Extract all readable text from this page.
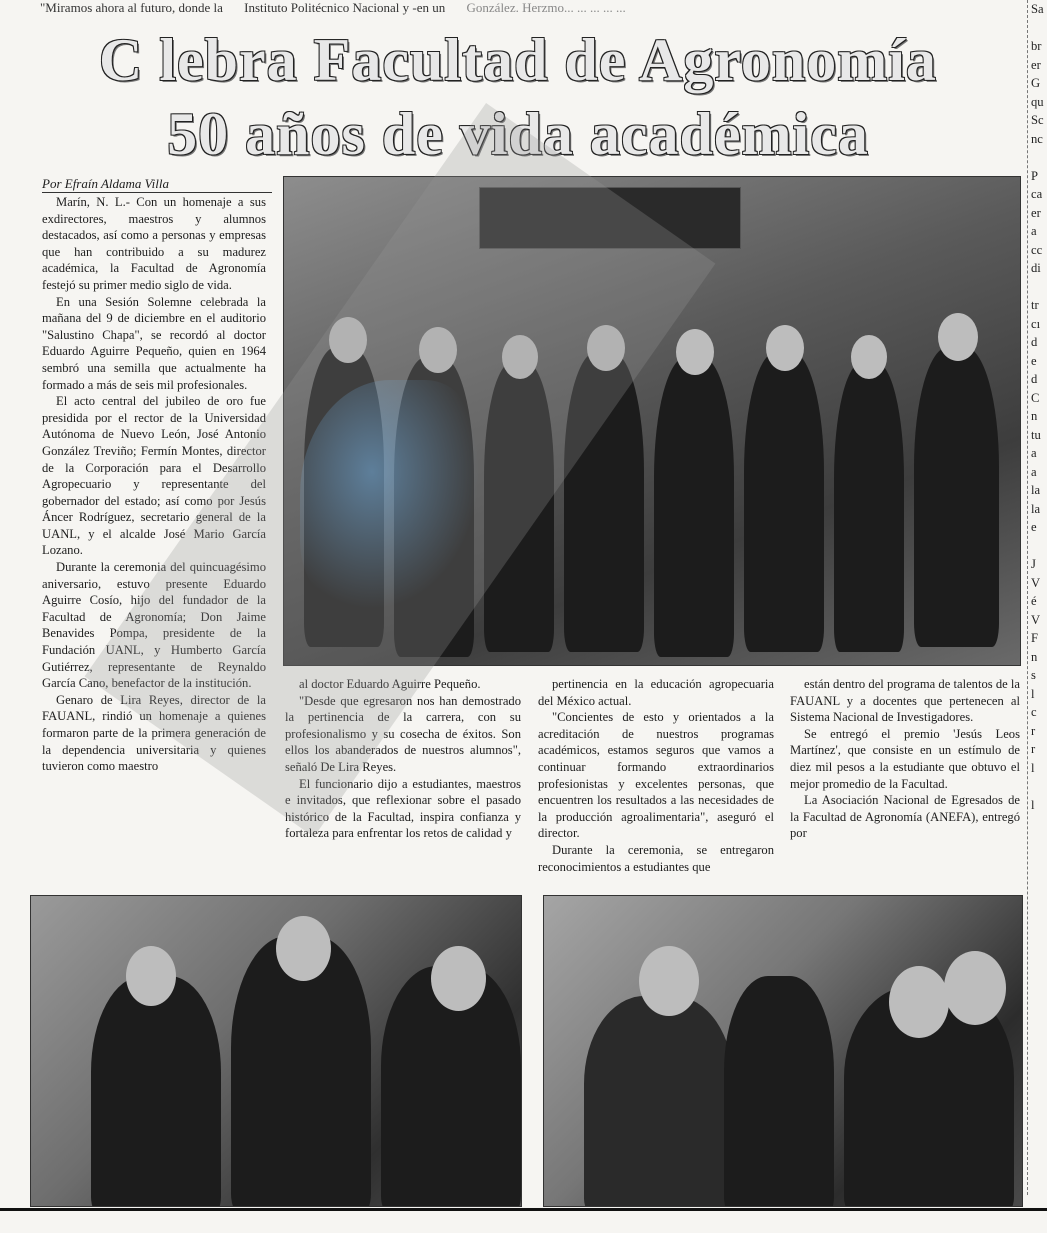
"Miramos ahora al futuro, donde la Instituto Politécnico Nacional y -en un González. Herzmo... ... ... ... ...
C lebra Facultad de Agronomía
50 años de vida académica
Por Efraín Aldama Villa

Marín, N. L.- Con un homenaje a sus exdirectores, maestros y alumnos destacados, así como a personas y empresas que han contribuido a su madurez académica, la Facultad de Agronomía festejó su primer medio siglo de vida.

En una Sesión Solemne celebrada la mañana del 9 de diciembre en el auditorio "Salustino Chapa", se recordó al doctor Eduardo Aguirre Pequeño, quien en 1964 sembró una semilla que actualmente ha formado a más de seis mil profesionales.

El acto central del jubileo de oro fue presidida por el rector de la Universidad Autónoma de Nuevo León, José Antonio González Treviño; Fermín Montes, director de la Corporación para el Desarrollo Agropecuario y representante del gobernador del estado; así como por Jesús Áncer Rodríguez, secretario general de la UANL, y el alcalde José Mario García Lozano.

Durante la ceremonia del quincuagésimo aniversario, estuvo presente Eduardo Aguirre Cosío, hijo del fundador de la Facultad de Agronomía; Don Jaime Benavides Pompa, presidente de la Fundación UANL, y Humberto García Gutiérrez, representante de Reynaldo García Cano, benefactor de la institución.

Genaro de Lira Reyes, director de la FAUANL, rindió un homenaje a quienes formaron parte de la primera generación de la dependencia universitaria y quienes tuvieron como maestro

al doctor Eduardo Aguirre Pequeño.

"Desde que egresaron nos han demostrado la pertinencia de la carrera, con su profesionalismo y su cosecha de éxitos. Son ellos los abanderados de nuestros alumnos", señaló De Lira Reyes.

El funcionario dijo a estudiantes, maestros e invitados, que reflexionar sobre el pasado histórico de la Facultad, inspira confianza y fortaleza para enfrentar los retos de calidad y

pertinencia en la educación agropecuaria del México actual.

"Concientes de esto y orientados a la acreditación de nuestros programas académicos, estamos seguros que vamos a continuar formando extraordinarios profesionistas y excelentes personas, que encuentren los resultados a las necesidades de la producción agroalimentaria", aseguró el director.

Durante la ceremonia, se entregaron reconocimientos a estudiantes que

están dentro del programa de talentos de la FAUANL y a docentes que pertenecen al Sistema Nacional de Investigadores.

Se entregó el premio 'Jesús Leos Martínez', que consiste en un estímulo de diez mil pesos a la estudiante que obtuvo el mejor promedio de la Facultad.

La Asociación Nacional de Egresados de la Facultad de Agronomía (ANEFA), entregó por

Sa
br
er
G
qu
Sc
nc
P
ca
er
a
cc
di
tr
cı
d
e
d
C
n
tu
a
a
la
la
e
J
V
é
V
F
n
s
l
c
r
r
l
l
